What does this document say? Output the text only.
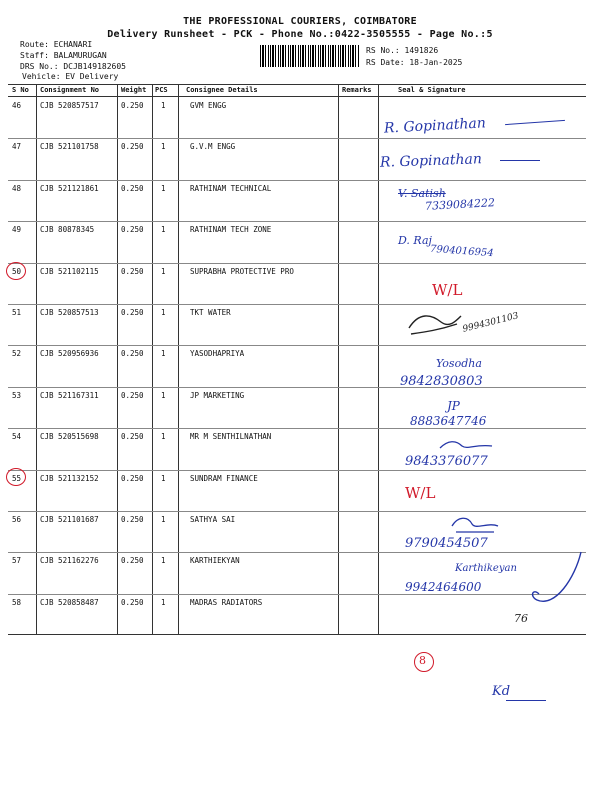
THE PROFESSIONAL COURIERS, COIMBATORE
Delivery Runsheet - PCK - Phone No.:0422-3505555 - Page No.:5
Route: ECHANARI
Staff: BALAMURUGAN
DRS No.: DCJB149182605
Vehicle: EV Delivery
RS No.: 1491826
RS Date: 18-Jan-2025
S No Consignment No	Weight PCS	Consignee Details	Remarks	Seal & Signature
46	CJB 520857517	0.250 1	GVM ENGG
47	CJB 521101758	0.250 1	G.V.M ENGG
48	CJB 521121861	0.250 1	RATHINAM TECHNICAL
49	CJB 80878345	0.250 1	RATHINAM TECH ZONE
50	CJB 521102115	0.250 1	SUPRABHA PROTECTIVE PRO
51	CJB 520857513	0.250 1	TKT WATER
52	CJB 520956936	0.250 1	YASODHAPRIYA
53	CJB 521167311	0.250 1	JP MARKETING
54	CJB 520515698	0.250 1	MR M SENTHILNATHAN
55	CJB 521132152	0.250 1	SUNDRAM FINANCE
56	CJB 521101687	0.250 1	SATHYA SAI
57	CJB 521162276	0.250 1	KARTHIEKYAN
58	CJB 520858487	0.250 1	MADRAS RADIATORS
R. Gopinathan
R. Gopinathan
V. Satish
7339084222
D. Raj
7904016954
W/L
9994301103
Yosodha
9842830803
JP
8883647746
9843376077
W/L
9790454507
Karthikeyan
9942464600
76
8
Kd
